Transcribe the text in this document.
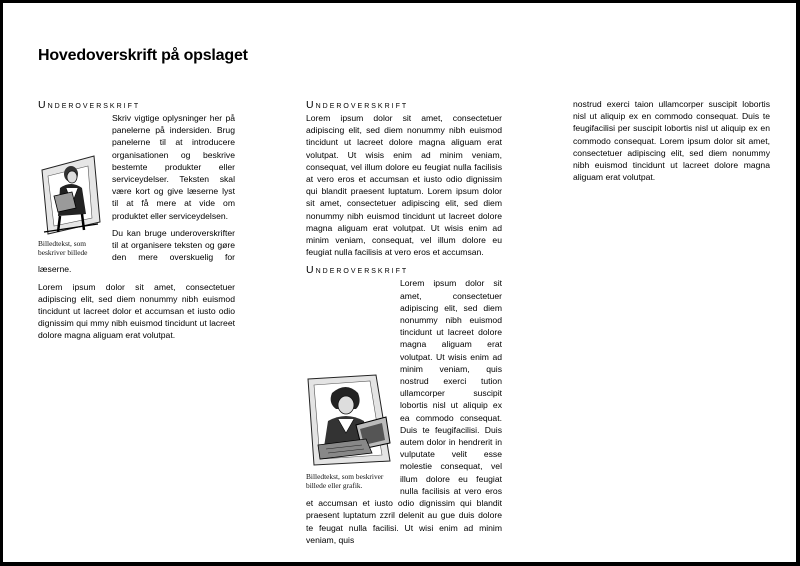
Hovedoverskrift på opslaget
Underoverskrift
Billedtekst, som beskriver billede

Skriv vigtige oplysninger her på panelerne på indersiden. Brug panelerne til at introducere organisationen og beskrive bestemte produkter eller serviceydelser. Teksten skal være kort og give læserne lyst til at få mere at vide om produktet eller serviceydelsen.

Du kan bruge underoverskrifter til at organisere teksten og gøre den mere overskuelig for læserne.

Lorem ipsum dolor sit amet, consectetuer adipiscing elit, sed diem nonummy nibh euismod tincidunt ut lacreet dolor et accumsan et iusto odio dignissim qui mmy nibh euismod tincidunt ut lacreet dolore magna aliguam erat volutpat.

Underoverskrift

Lorem ipsum dolor sit amet, consectetuer adipiscing elit, sed diem nonummy nibh euismod tincidunt ut lacreet dolore magna aliguam erat volutpat. Ut wisis enim ad minim veniam, consequat, vel illum dolore eu feugiat nulla facilisis at vero eros et accumsan et iusto odio dignissim qui blandit praesent luptatum. Lorem ipsum dolor sit amet, consectetuer adipiscing elit, sed diem nonummy nibh euismod tincidunt ut lacreet dolore magna aliguam erat volutpat. Ut wisis enim ad minim veniam, consequat, vel illum dolore eu feugiat nulla facilisis at vero eros et accumsan.

Underoverskrift
Billedtekst, som beskriver billede eller grafik.

Lorem ipsum dolor sit amet, consectetuer adipiscing elit, sed diem nonummy nibh euismod tincidunt ut lacreet dolore magna aliguam erat volutpat. Ut wisis enim ad minim veniam, quis nostrud exerci tution ullamcorper suscipit lobortis nisl ut aliquip ex ea commodo consequat. Duis te feugifacilisi. Duis autem dolor in hendrerit in vulputate velit esse molestie consequat, vel illum dolore eu feugiat nulla facilisis at vero eros et accumsan et iusto odio dignissim qui blandit praesent luptatum zzril delenit au gue duis dolore te feugat nulla facilisi. Ut wisi enim ad minim veniam, quis

nostrud exerci taion ullamcorper suscipit lobortis nisl ut aliquip ex en commodo consequat. Duis te feugifacilisi per suscipit lobortis nisl ut aliquip ex en commodo consequat. Lorem ipsum dolor sit amet, consectetuer adipiscing elit, sed diem nonummy nibh euismod tincidunt ut lacreet dolore magna aliguam erat volutpat.
